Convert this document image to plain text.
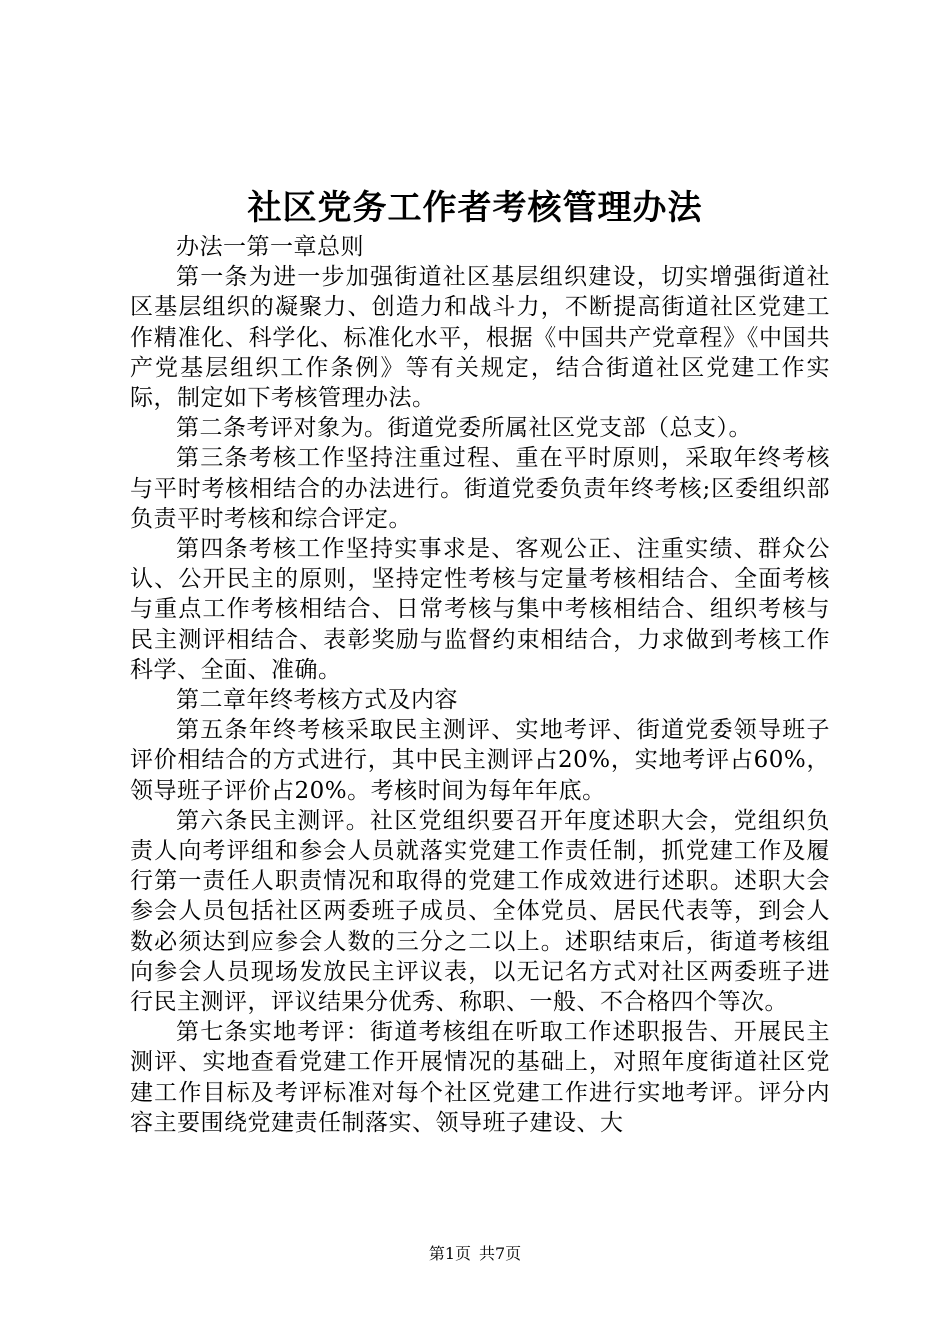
社区党务工作者考核管理办法

办法一第一章总则

第一条为进一步加强街道社区基层组织建设，切实增强街道社区基层组织的凝聚力、创造力和战斗力，不断提高街道社区党建工作精准化、科学化、标准化水平，根据《中国共产党章程》《中国共产党基层组织工作条例》等有关规定，结合街道社区党建工作实际，制定如下考核管理办法。

第二条考评对象为。街道党委所属社区党支部（总支）。

第三条考核工作坚持注重过程、重在平时原则，采取年终考核与平时考核相结合的办法进行。街道党委负责年终考核;区委组织部负责平时考核和综合评定。

第四条考核工作坚持实事求是、客观公正、注重实绩、群众公认、公开民主的原则，坚持定性考核与定量考核相结合、全面考核与重点工作考核相结合、日常考核与集中考核相结合、组织考核与民主测评相结合、表彰奖励与监督约束相结合，力求做到考核工作科学、全面、准确。

第二章年终考核方式及内容

第五条年终考核采取民主测评、实地考评、街道党委领导班子评价相结合的方式进行，其中民主测评占20%，实地考评占60%，领导班子评价占20%。考核时间为每年年底。

第六条民主测评。社区党组织要召开年度述职大会，党组织负责人向考评组和参会人员就落实党建工作责任制，抓党建工作及履行第一责任人职责情况和取得的党建工作成效进行述职。述职大会参会人员包括社区两委班子成员、全体党员、居民代表等，到会人数必须达到应参会人数的三分之二以上。述职结束后，街道考核组向参会人员现场发放民主评议表，以无记名方式对社区两委班子进行民主测评，评议结果分优秀、称职、一般、不合格四个等次。

第七条实地考评：街道考核组在听取工作述职报告、开展民主测评、实地查看党建工作开展情况的基础上，对照年度街道社区党建工作目标及考评标准对每个社区党建工作进行实地考评。评分内容主要围绕党建责任制落实、领导班子建设、大

第1页 共7页
